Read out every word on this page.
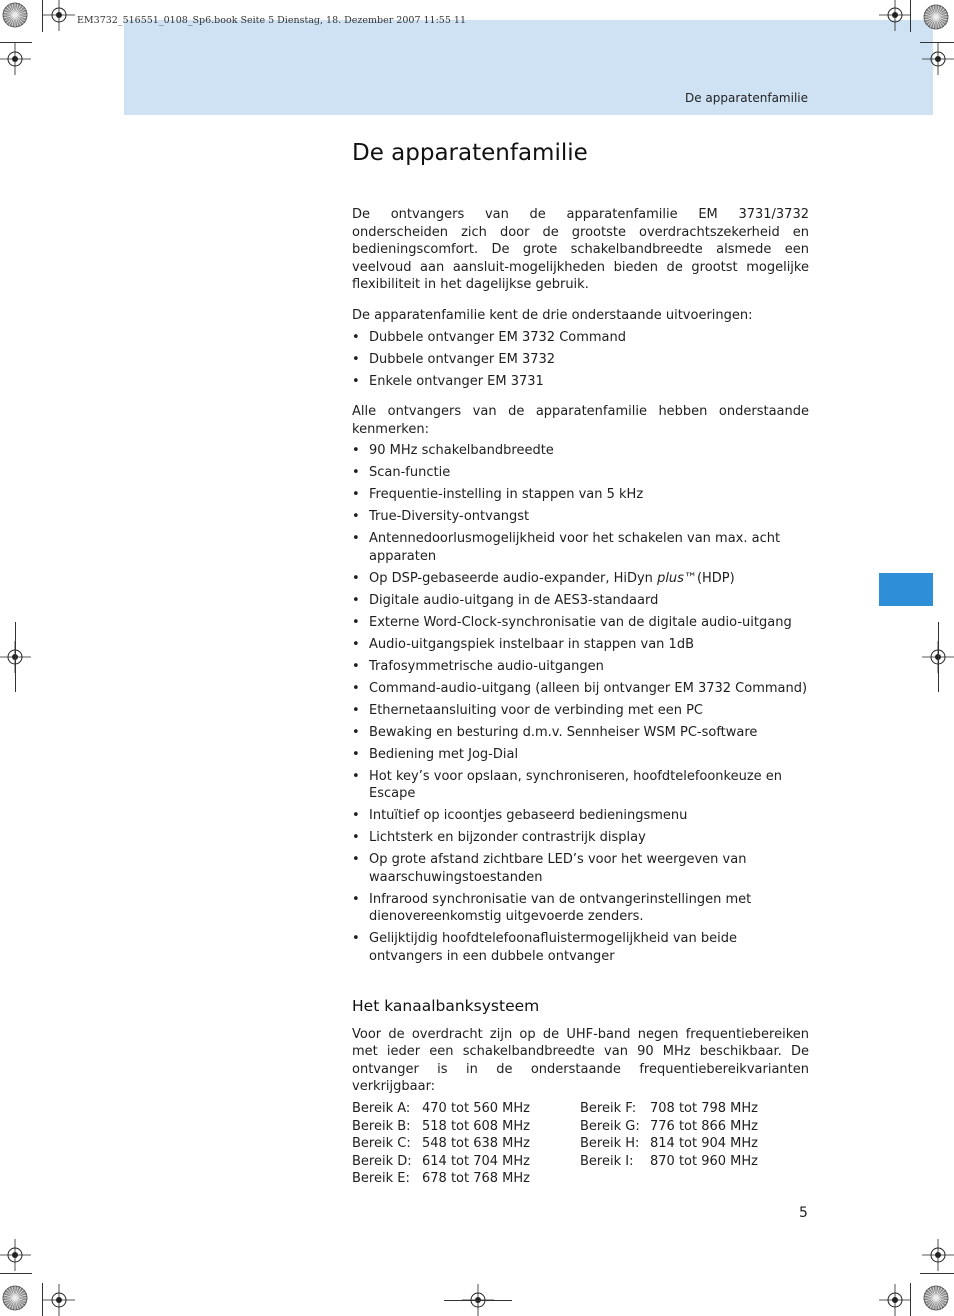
EM3732_516551_0108_Sp6.book Seite 5 Dienstag, 18. Dezember 2007 11:55 11
De apparatenfamilie
De apparatenfamilie

De ontvangers van de apparatenfamilie EM 3731/3732 onderscheiden zich door de grootste overdrachtszekerheid en bedieningscomfort. De grote schakelbandbreedte alsmede een veelvoud aan aansluit-mogelijkheden bieden de grootst mogelijke flexibiliteit in het dagelijkse gebruik.

De apparatenfamilie kent de drie onderstaande uitvoeringen:

• Dubbele ontvanger EM 3732 Command
• Dubbele ontvanger EM 3732
• Enkele ontvanger EM 3731

Alle ontvangers van de apparatenfamilie hebben onderstaande kenmerken:

• 90 MHz schakelbandbreedte
• Scan-functie
• Frequentie-instelling in stappen van 5 kHz
• True-Diversity-ontvangst
• Antennedoorlusmogelijkheid voor het schakelen van max. acht apparaten
• Op DSP-gebaseerde audio-expander, HiDyn plus™(HDP)
• Digitale audio-uitgang in de AES3-standaard
• Externe Word-Clock-synchronisatie van de digitale audio-uitgang
• Audio-uitgangspiek instelbaar in stappen van 1dB
• Trafosymmetrische audio-uitgangen
• Command-audio-uitgang (alleen bij ontvanger EM 3732 Command)
• Ethernetaansluiting voor de verbinding met een PC
• Bewaking en besturing d.m.v. Sennheiser WSM PC-software
• Bediening met Jog-Dial
• Hot key’s voor opslaan, synchroniseren, hoofdtelefoonkeuze en Escape
• Intuïtief op icoontjes gebaseerd bedieningsmenu
• Lichtsterk en bijzonder contrastrijk display
• Op grote afstand zichtbare LED’s voor het weergeven van waarschuwingstoestanden
• Infrarood synchronisatie van de ontvangerinstellingen met dienovereenkomstig uitgevoerde zenders.
• Gelijktijdig hoofdtelefoonafluistermogelijkheid van beide ontvangers in een dubbele ontvanger
Het kanaalbanksysteem

Voor de overdracht zijn op de UHF-band negen frequentiebereiken met ieder een schakelbandbreedte van 90 MHz beschikbaar. De ontvanger is in de onderstaande frequentiebereikvarianten verkrijgbaar:

Bereik A: 470 tot 560 MHz
Bereik B: 518 tot 608 MHz
Bereik C: 548 tot 638 MHz
Bereik D: 614 tot 704 MHz
Bereik E: 678 tot 768 MHz
Bereik F:	708 tot 798 MHz
Bereik G: 776 tot 866 MHz
Bereik H: 814 tot 904 MHz
Bereik I:	870 tot 960 MHz
5
